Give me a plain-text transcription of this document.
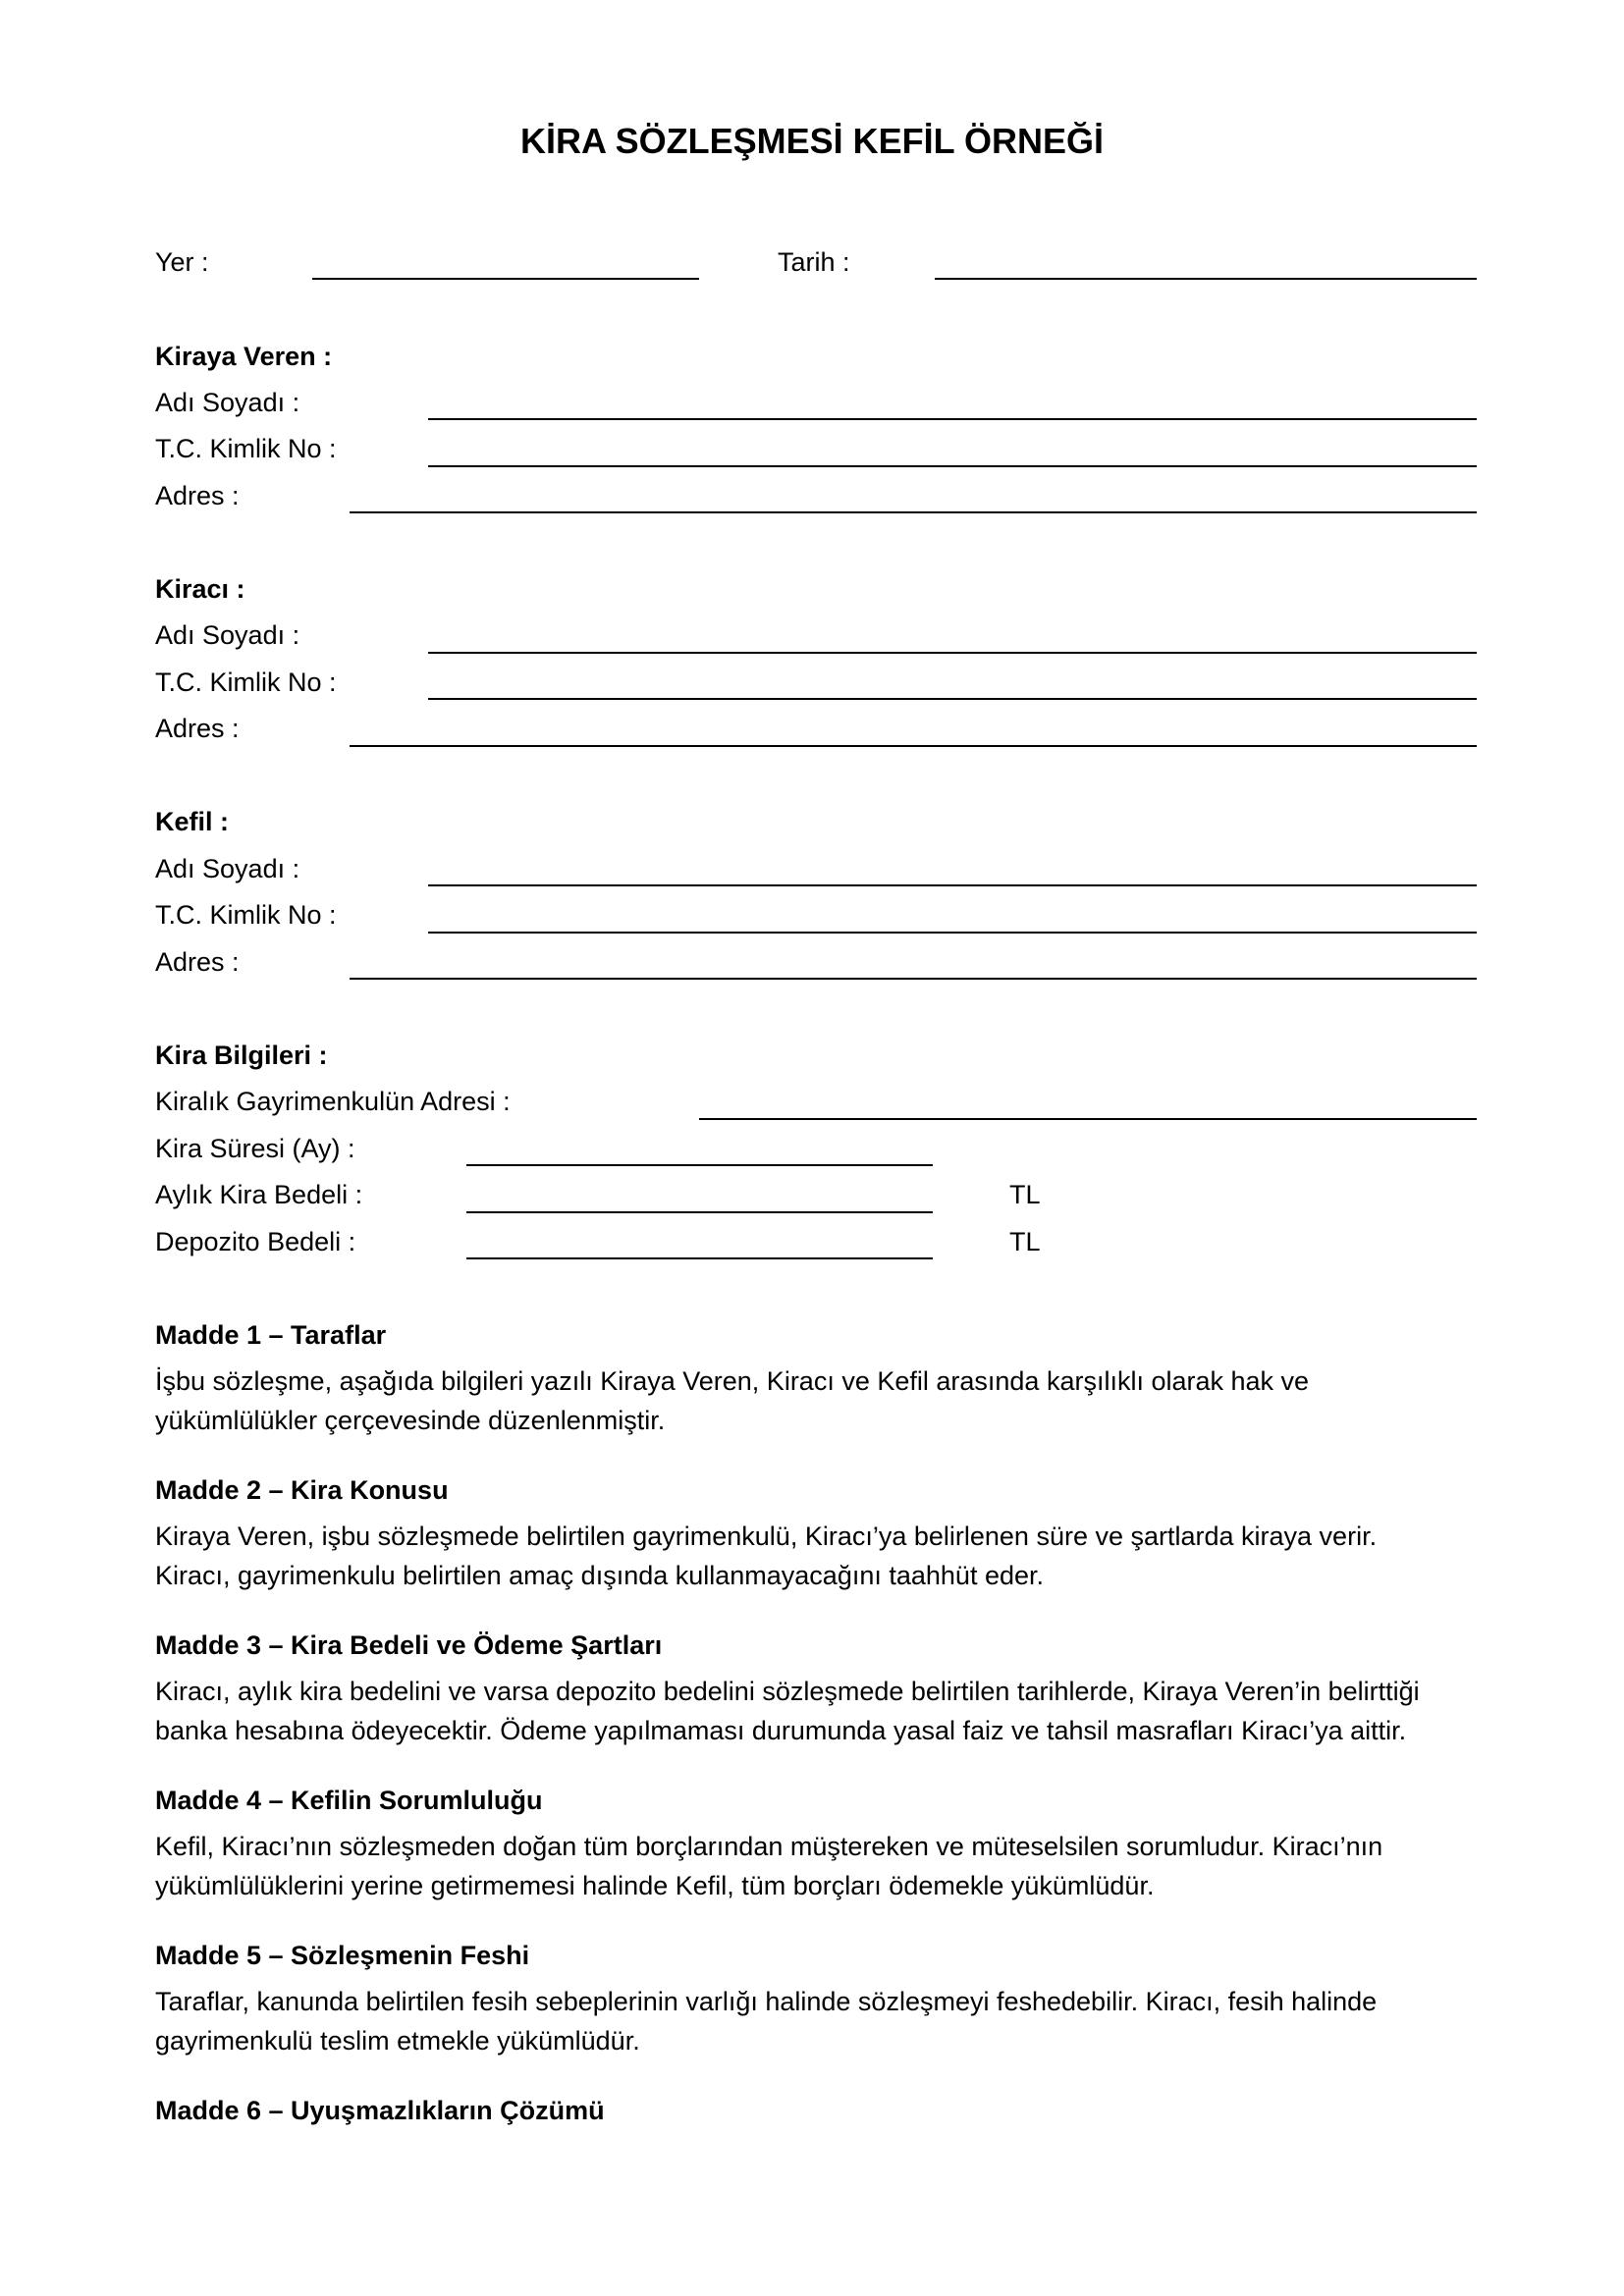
KİRA SÖZLEŞMESİ KEFİL ÖRNEĞİ
Yer :	Tarih :
Kiraya Veren :
Adı Soyadı :
T.C. Kimlik No :
Adres :
Kiracı :
Adı Soyadı :
T.C. Kimlik No :
Adres :
Kefil :
Adı Soyadı :
T.C. Kimlik No :
Adres :
Kira Bilgileri :
Kiralık Gayrimenkulün Adresi :
Kira Süresi (Ay) :
Aylık Kira Bedeli :	TL
Depozito Bedeli :	TL
Madde 1 – Taraflar
İşbu sözleşme, aşağıda bilgileri yazılı Kiraya Veren, Kiracı ve Kefil arasında karşılıklı olarak hak ve
yükümlülükler çerçevesinde düzenlenmiştir.
Madde 2 – Kira Konusu
Kiraya Veren, işbu sözleşmede belirtilen gayrimenkulü, Kiracı’ya belirlenen süre ve şartlarda kiraya verir.
Kiracı, gayrimenkulu belirtilen amaç dışında kullanmayacağını taahhüt eder.
Madde 3 – Kira Bedeli ve Ödeme Şartları
Kiracı, aylık kira bedelini ve varsa depozito bedelini sözleşmede belirtilen tarihlerde, Kiraya Veren’in belirttiği
banka hesabına ödeyecektir. Ödeme yapılmaması durumunda yasal faiz ve tahsil masrafları Kiracı’ya aittir.
Madde 4 – Kefilin Sorumluluğu
Kefil, Kiracı’nın sözleşmeden doğan tüm borçlarından müştereken ve müteselsilen sorumludur. Kiracı’nın
yükümlülüklerini yerine getirmemesi halinde Kefil, tüm borçları ödemekle yükümlüdür.
Madde 5 – Sözleşmenin Feshi
Taraflar, kanunda belirtilen fesih sebeplerinin varlığı halinde sözleşmeyi feshedebilir. Kiracı, fesih halinde
gayrimenkulü teslim etmekle yükümlüdür.
Madde 6 – Uyuşmazlıkların Çözümü
